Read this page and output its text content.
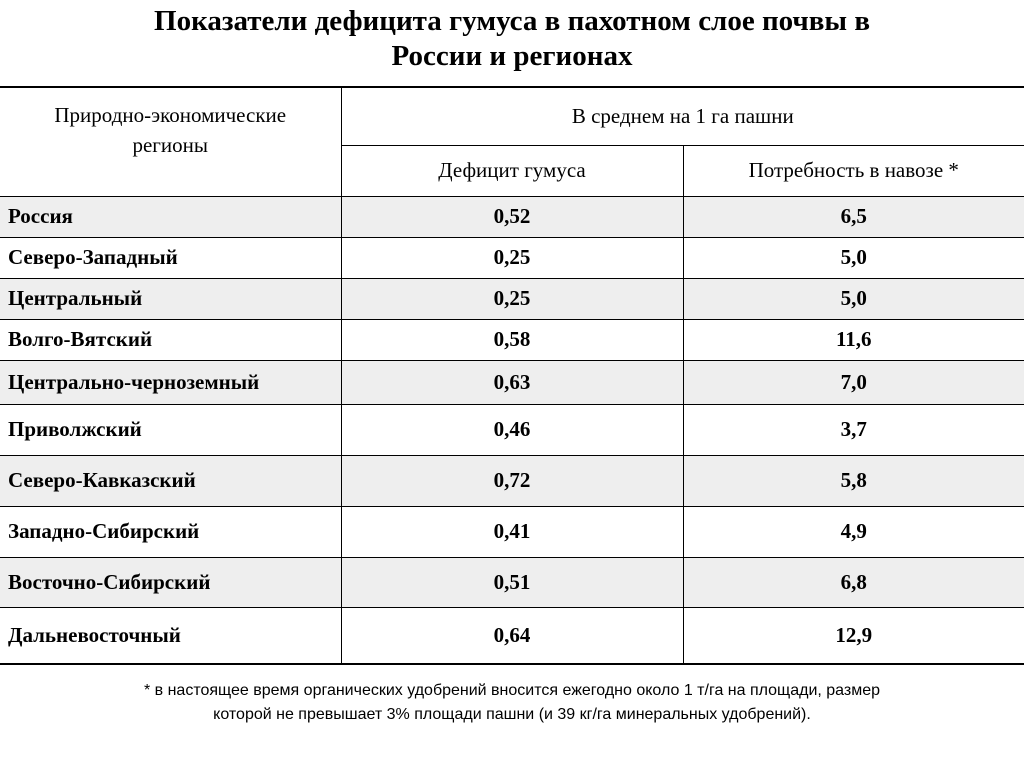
Показатели дефицита гумуса в пахотном слое почвы в
России и регионах
Природно-экономические
регионы	В среднем на 1 га пашни	
	Дефицит гумуса	Потребность в навозе *
Россия	0,52	6,5
Северо-Западный	0,25	5,0
Центральный	0,25	5,0
Волго-Вятский	0,58	11,6
Центрально-черноземный	0,63	7,0
Приволжский	0,46	3,7
Северо-Кавказский	0,72	5,8
Западно-Сибирский	0,41	4,9
Восточно-Сибирский	0,51	6,8
Дальневосточный	0,64	12,9
* в настоящее время органических удобрений вносится ежегодно около 1 т/га на площади, размер
которой не превышает 3% площади пашни (и 39 кг/га минеральных удобрений).
